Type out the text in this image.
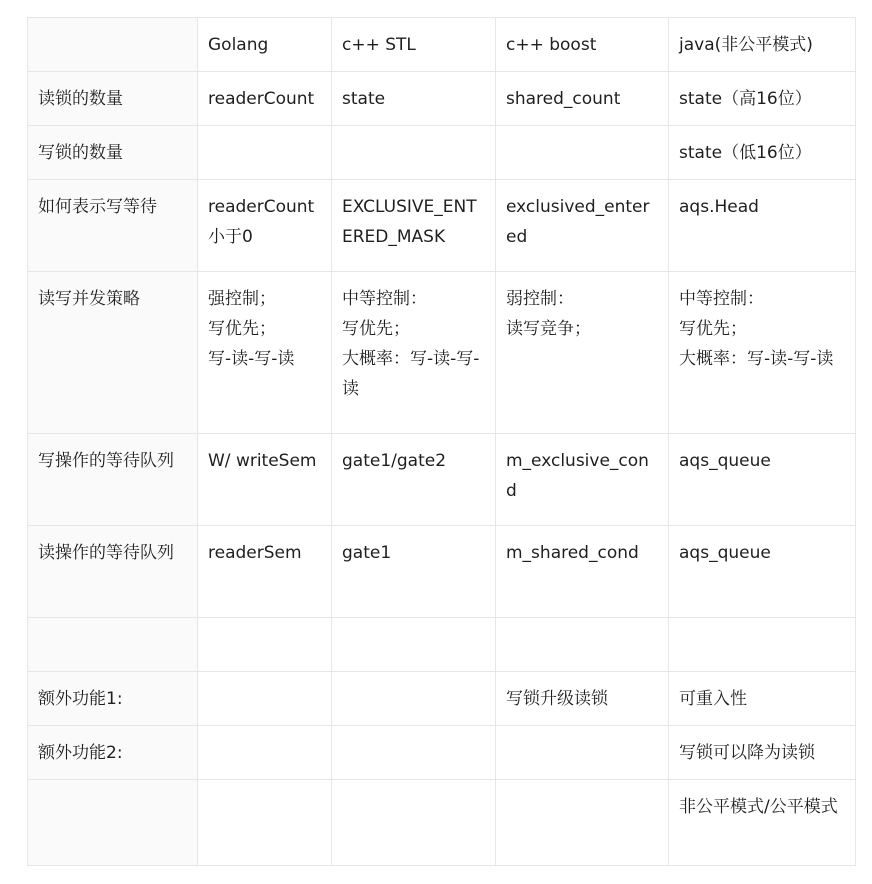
	Golang	c++ STL	c++ boost	java(非公平模式)

读锁的数量	readerCount	state	shared_count	state（高16位）

写锁的数量				state（低16位）

如何表示写等待	readerCount 小于0	EXCLUSIVE_ENTERED_MASK	exclusived_entered	aqs.Head

读写并发策略	强控制；
写优先；
写-读-写-读	中等控制：
写优先；
大概率：写-读-写-读	弱控制：
读写竞争；	中等控制：
写优先；
大概率：写-读-写-读

写操作的等待队列	W/ writeSem	gate1/gate2	m_exclusive_cond	aqs_queue

读操作的等待队列	readerSem	gate1	m_shared_cond	aqs_queue

额外功能1:			写锁升级读锁	可重入性

额外功能2:				写锁可以降为读锁

				非公平模式/公平模式
